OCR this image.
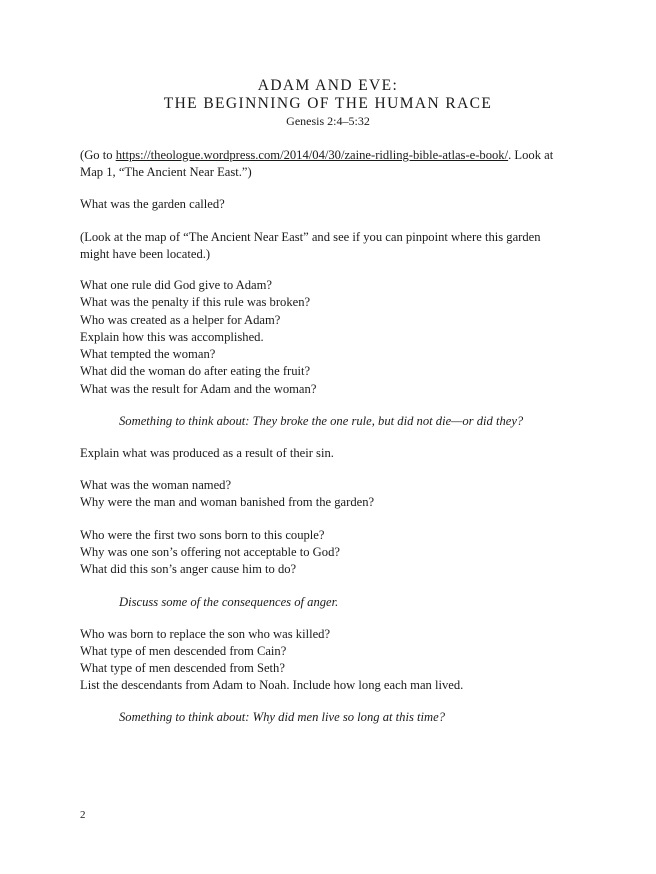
ADAM AND EVE:
THE BEGINNING OF THE HUMAN RACE
Genesis 2:4–5:32
(Go to https://theologue.wordpress.com/2014/04/30/zaine-ridling-bible-atlas-e-book/. Look at
Map 1, “The Ancient Near East.”)
What was the garden called?
(Look at the map of “The Ancient Near East” and see if you can pinpoint where this garden
might have been located.)
What one rule did God give to Adam?
What was the penalty if this rule was broken?
Who was created as a helper for Adam?
Explain how this was accomplished.
What tempted the woman?
What did the woman do after eating the fruit?
What was the result for Adam and the woman?
Something to think about: They broke the one rule, but did not die—or did they?
Explain what was produced as a result of their sin.
What was the woman named?
Why were the man and woman banished from the garden?
Who were the first two sons born to this couple?
Why was one son’s offering not acceptable to God?
What did this son’s anger cause him to do?
Discuss some of the consequences of anger.
Who was born to replace the son who was killed?
What type of men descended from Cain?
What type of men descended from Seth?
List the descendants from Adam to Noah. Include how long each man lived.
Something to think about: Why did men live so long at this time?
2
